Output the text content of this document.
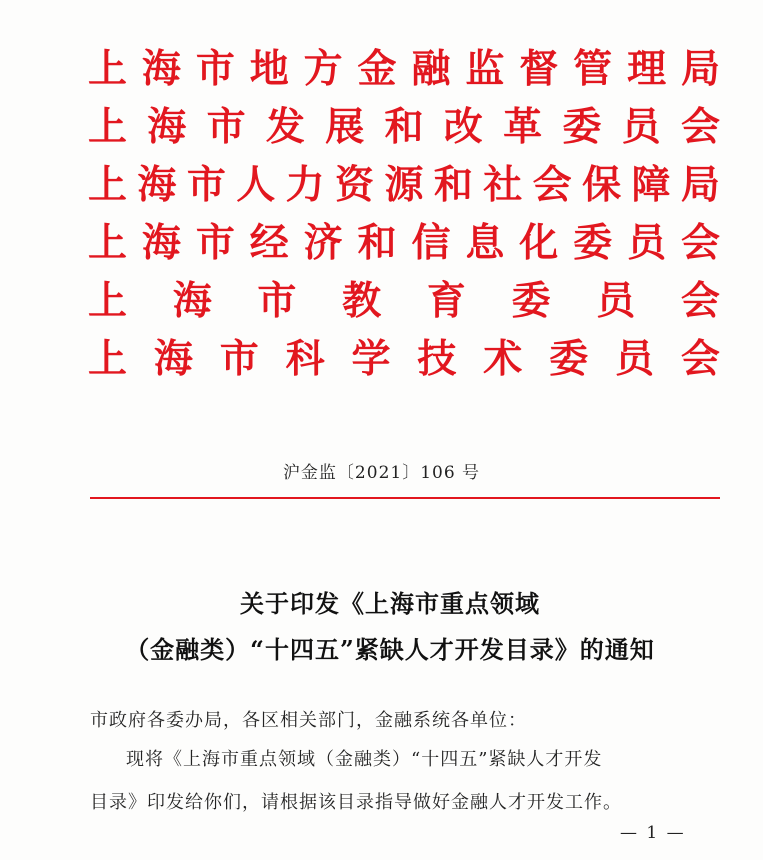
上 海 市 地 方 金 融 监 督 管 理 局
上 海 市 发 展 和 改 革 委 员 会
上 海 市 人 力 资 源 和 社 会 保 障 局
上 海 市 经 济 和 信 息 化 委 员 会
上 海 市 教 育 委 员 会
上 海 市 科 学 技 术 委 员 会
沪金监〔2021〕106 号
关于印发《上海市重点领域
（金融类）“十四五”紧缺人才开发目录》的通知
市政府各委办局，各区相关部门，金融系统各单位：
现将《上海市重点领域（金融类）“十四五”紧缺人才开发
目录》印发给你们，请根据该目录指导做好金融人才开发工作。
— 1 —
